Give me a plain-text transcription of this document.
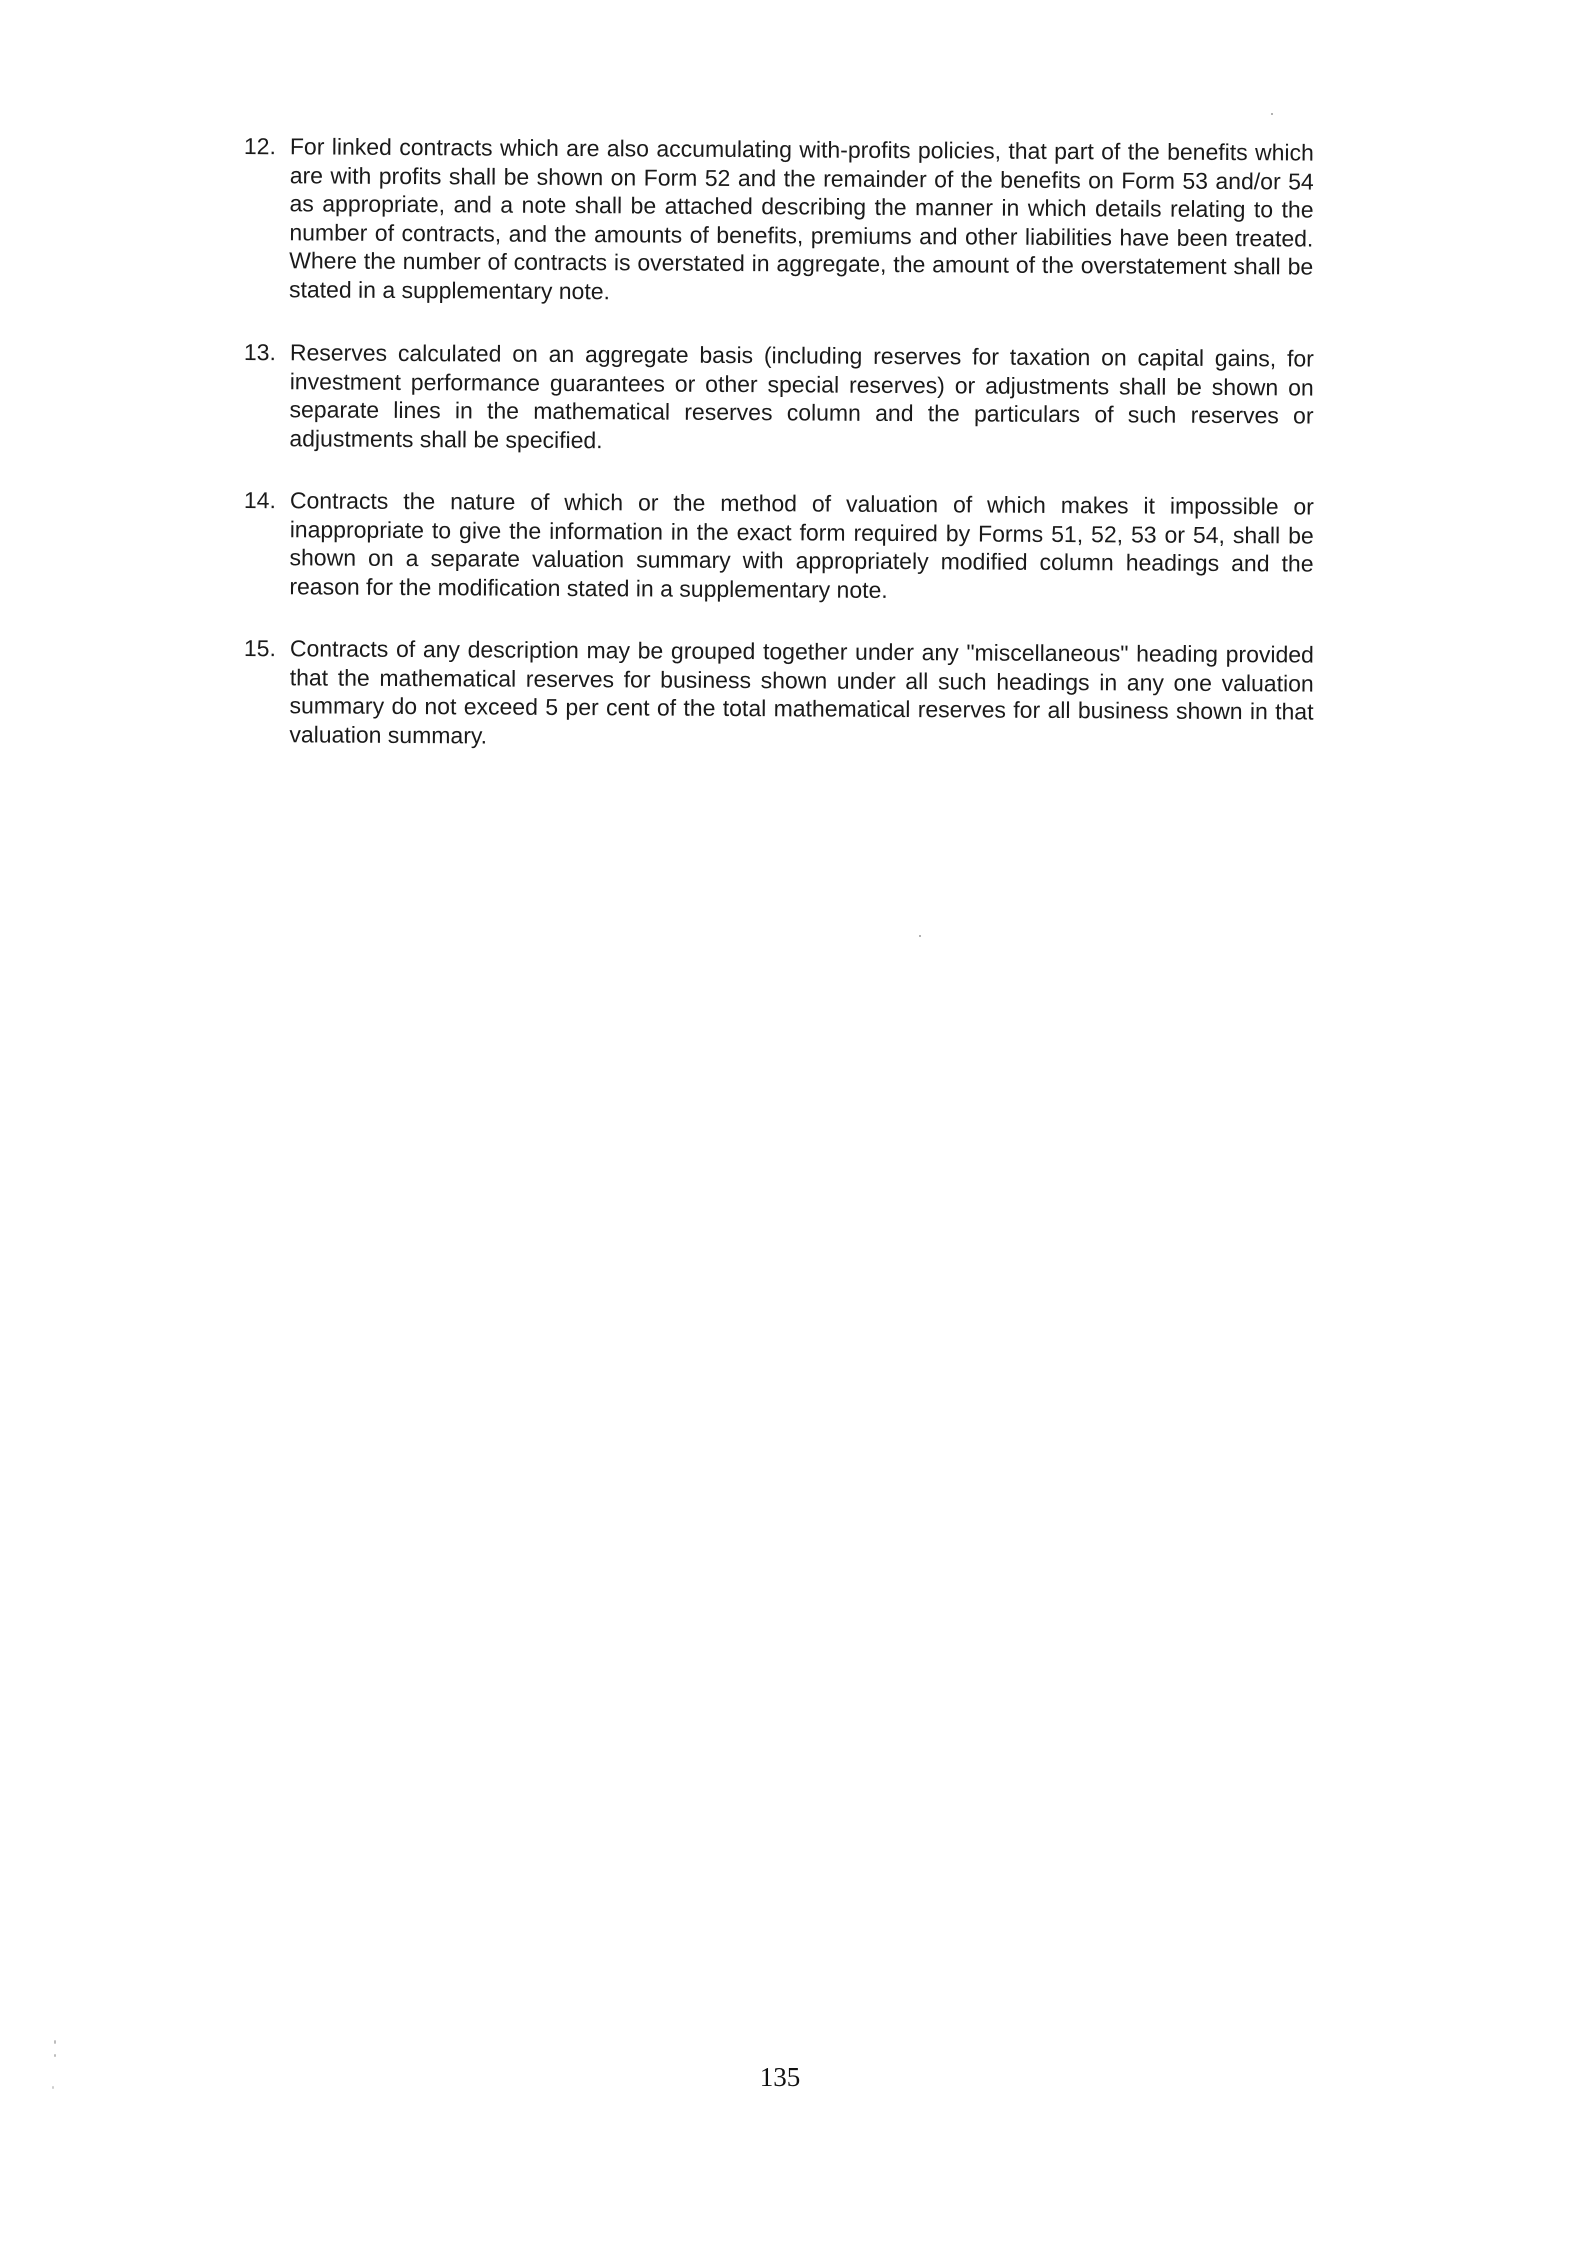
12. For linked contracts which are also accumulating with-profits policies, that part of the benefits which are with profits shall be shown on Form 52 and the remainder of the benefits on Form 53 and/or 54 as appropriate, and a note shall be attached describing the manner in which details relating to the number of contracts, and the amounts of benefits, premiums and other liabilities have been treated. Where the number of contracts is overstated in aggregate, the amount of the overstatement shall be stated in a supplementary note.
13. Reserves calculated on an aggregate basis (including reserves for taxation on capital gains, for investment performance guarantees or other special reserves) or adjustments shall be shown on separate lines in the mathematical reserves column and the particulars of such reserves or adjustments shall be specified.
14. Contracts the nature of which or the method of valuation of which makes it impossible or inappropriate to give the information in the exact form required by Forms 51, 52, 53 or 54, shall be shown on a separate valuation summary with appropriately modified column headings and the reason for the modification stated in a supplementary note.
15. Contracts of any description may be grouped together under any "miscellaneous" heading provided that the mathematical reserves for business shown under all such headings in any one valuation summary do not exceed 5 per cent of the total mathematical reserves for all business shown in that valuation summary.
135
